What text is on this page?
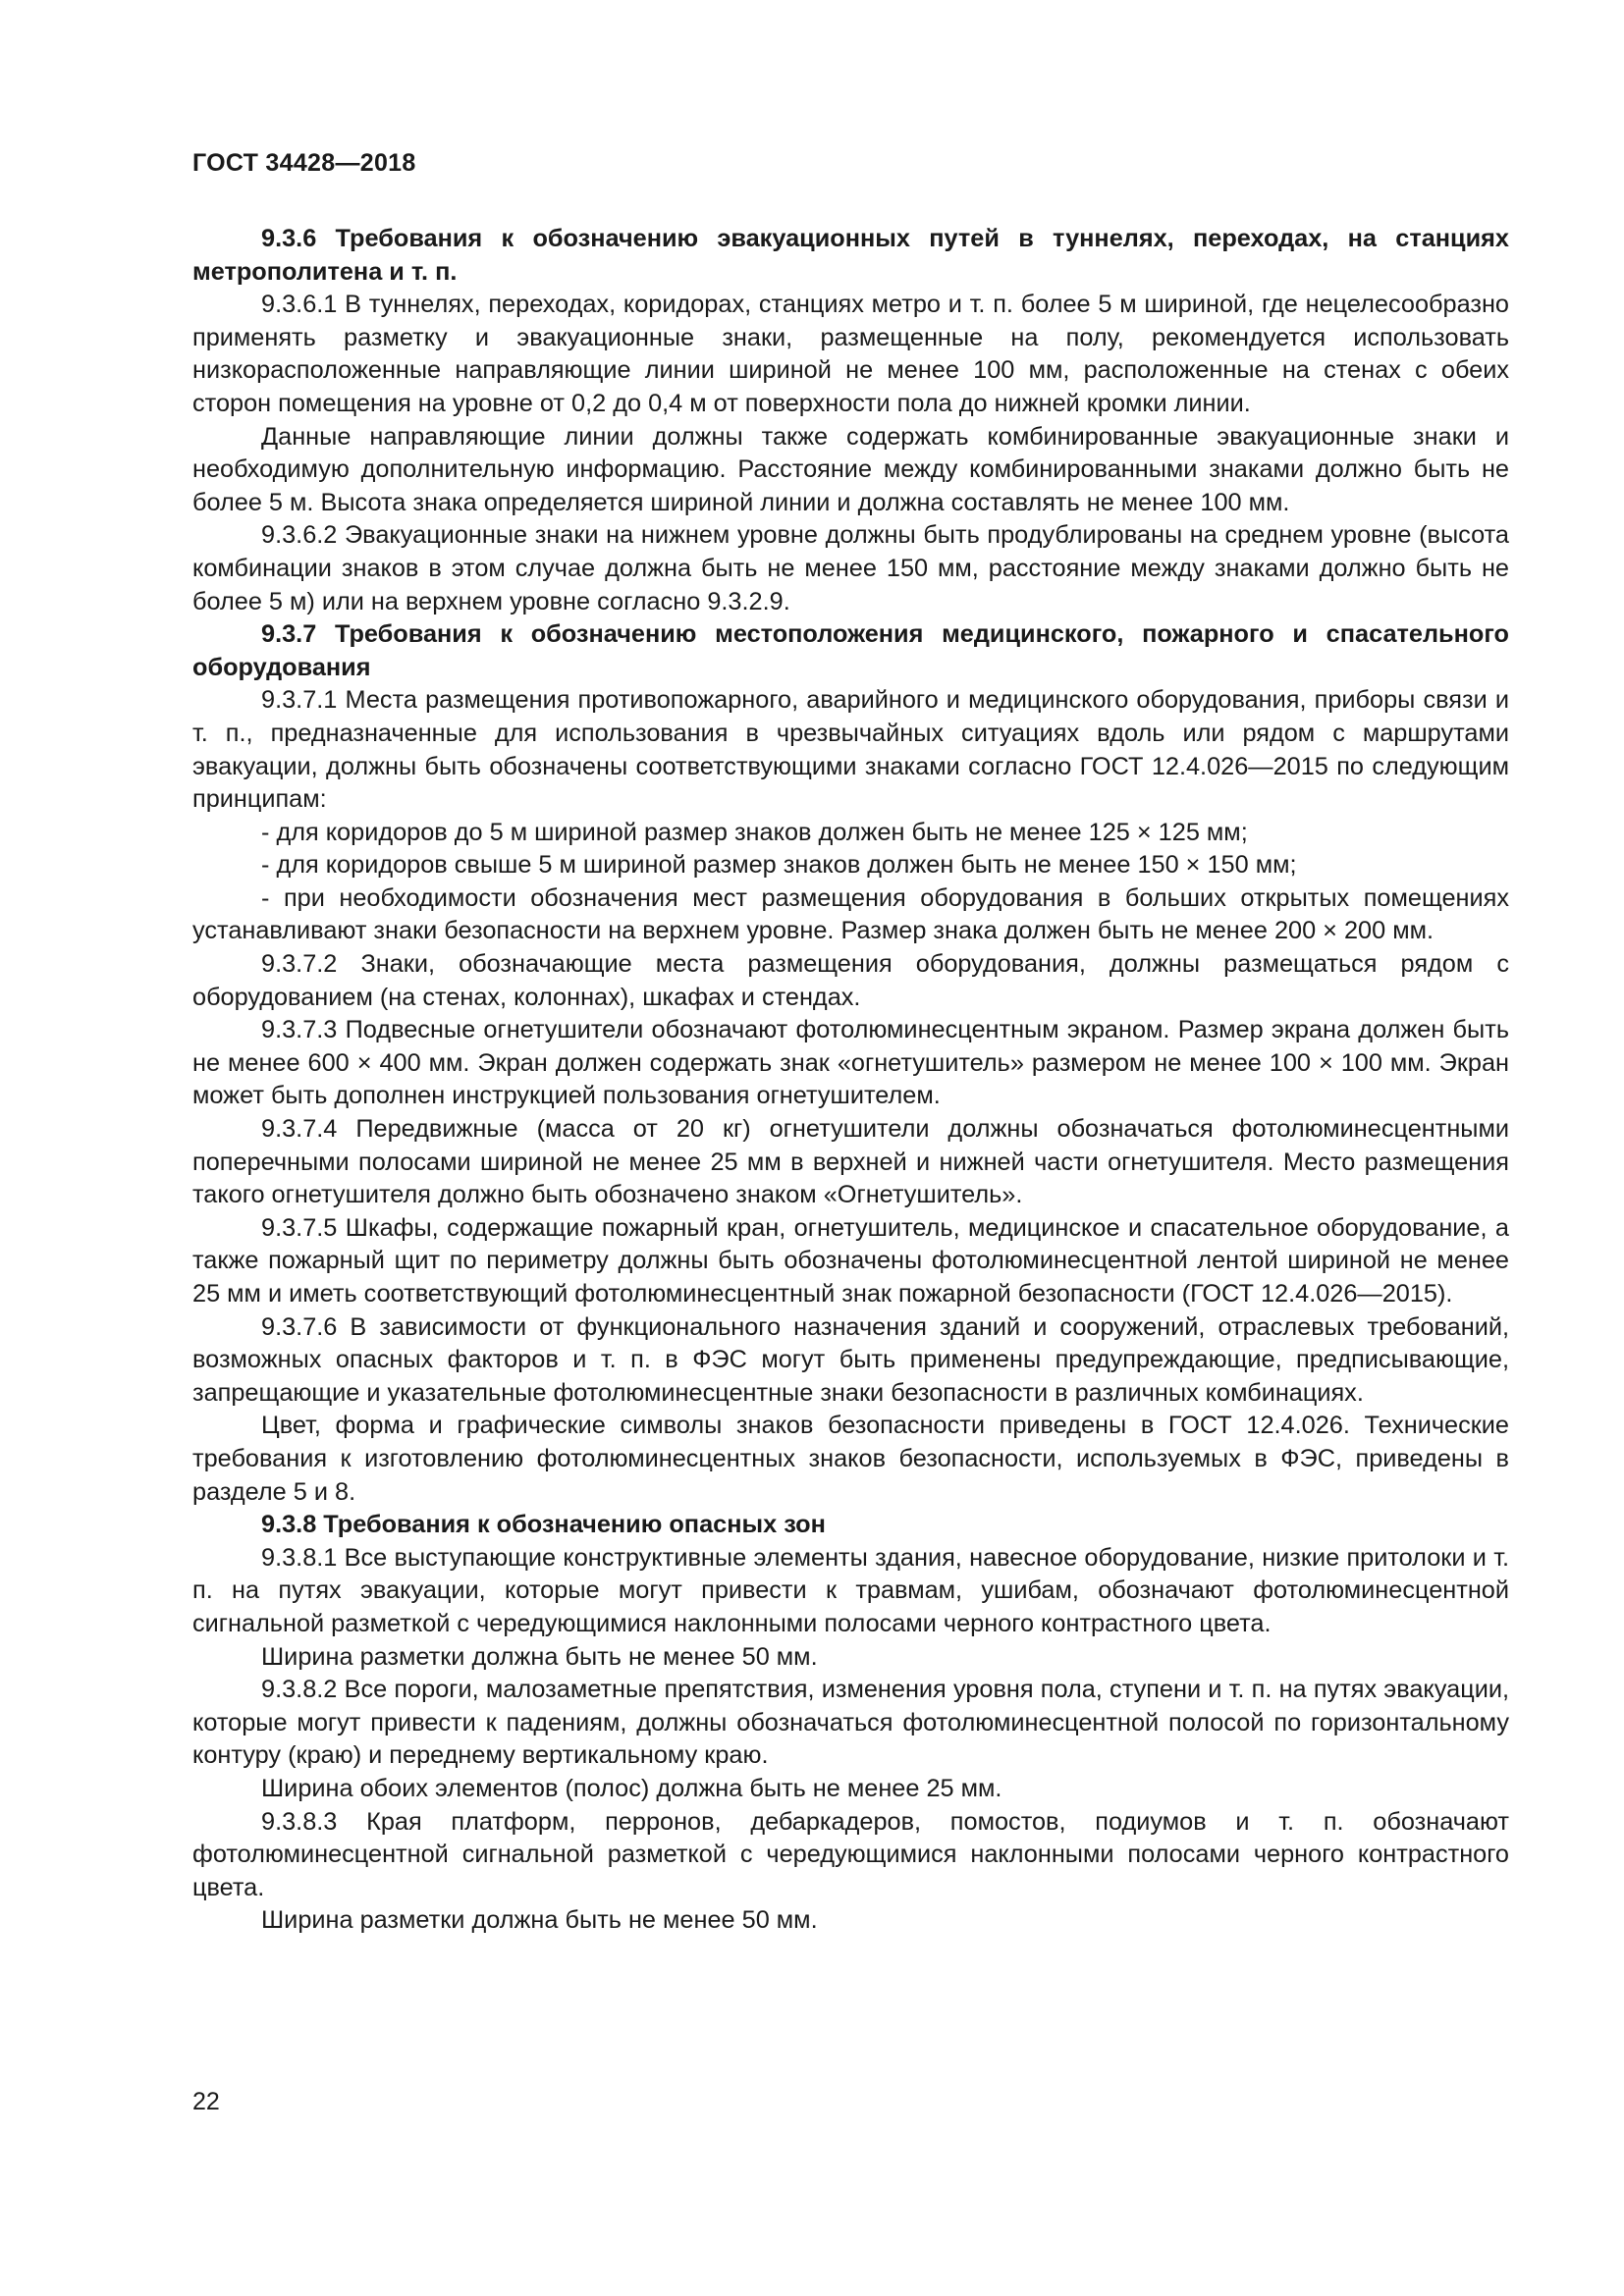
ГОСТ 34428—2018

9.3.6 Требования к обозначению эвакуационных путей в туннелях, переходах, на станциях метрополитена и т. п.

9.3.6.1 В туннелях, переходах, коридорах, станциях метро и т. п. более 5 м шириной, где нецелесообразно применять разметку и эвакуационные знаки, размещенные на полу, рекомендуется использовать низкорасположенные направляющие линии шириной не менее 100 мм, расположенные на стенах с обеих сторон помещения на уровне от 0,2 до 0,4 м от поверхности пола до нижней кромки линии.

Данные направляющие линии должны также содержать комбинированные эвакуационные знаки и необходимую дополнительную информацию. Расстояние между комбинированными знаками должно быть не более 5 м. Высота знака определяется шириной линии и должна составлять не менее 100 мм.

9.3.6.2 Эвакуационные знаки на нижнем уровне должны быть продублированы на среднем уровне (высота комбинации знаков в этом случае должна быть не менее 150 мм, расстояние между знаками должно быть не более 5 м) или на верхнем уровне согласно 9.3.2.9.

9.3.7 Требования к обозначению местоположения медицинского, пожарного и спасательного оборудования

9.3.7.1 Места размещения противопожарного, аварийного и медицинского оборудования, приборы связи и т. п., предназначенные для использования в чрезвычайных ситуациях вдоль или рядом с маршрутами эвакуации, должны быть обозначены соответствующими знаками согласно ГОСТ 12.4.026—2015 по следующим принципам:

- для коридоров до 5 м шириной размер знаков должен быть не менее 125 × 125 мм;

- для коридоров свыше 5 м шириной размер знаков должен быть не менее 150 × 150 мм;

- при необходимости обозначения мест размещения оборудования в больших открытых помещениях устанавливают знаки безопасности на верхнем уровне. Размер знака должен быть не менее 200 × 200 мм.

9.3.7.2 Знаки, обозначающие места размещения оборудования, должны размещаться рядом с оборудованием (на стенах, колоннах), шкафах и стендах.

9.3.7.3 Подвесные огнетушители обозначают фотолюминесцентным экраном. Размер экрана должен быть не менее 600 × 400 мм. Экран должен содержать знак «огнетушитель» размером не менее 100 × 100 мм. Экран может быть дополнен инструкцией пользования огнетушителем.

9.3.7.4 Передвижные (масса от 20 кг) огнетушители должны обозначаться фотолюминесцентными поперечными полосами шириной не менее 25 мм в верхней и нижней части огнетушителя. Место размещения такого огнетушителя должно быть обозначено знаком «Огнетушитель».

9.3.7.5 Шкафы, содержащие пожарный кран, огнетушитель, медицинское и спасательное оборудование, а также пожарный щит по периметру должны быть обозначены фотолюминесцентной лентой шириной не менее 25 мм и иметь соответствующий фотолюминесцентный знак пожарной безопасности (ГОСТ 12.4.026—2015).

9.3.7.6 В зависимости от функционального назначения зданий и сооружений, отраслевых требований, возможных опасных факторов и т. п. в ФЭС могут быть применены предупреждающие, предписывающие, запрещающие и указательные фотолюминесцентные знаки безопасности в различных комбинациях.

Цвет, форма и графические символы знаков безопасности приведены в ГОСТ 12.4.026. Технические требования к изготовлению фотолюминесцентных знаков безопасности, используемых в ФЭС, приведены в разделе 5 и 8.

9.3.8 Требования к обозначению опасных зон

9.3.8.1 Все выступающие конструктивные элементы здания, навесное оборудование, низкие притолоки и т. п. на путях эвакуации, которые могут привести к травмам, ушибам, обозначают фотолюминесцентной сигнальной разметкой с чередующимися наклонными полосами черного контрастного цвета.

Ширина разметки должна быть не менее 50 мм.

9.3.8.2 Все пороги, малозаметные препятствия, изменения уровня пола, ступени и т. п. на путях эвакуации, которые могут привести к падениям, должны обозначаться фотолюминесцентной полосой по горизонтальному контуру (краю) и переднему вертикальному краю.

Ширина обоих элементов (полос) должна быть не менее 25 мм.

9.3.8.3 Края платформ, перронов, дебаркадеров, помостов, подиумов и т. п. обозначают фотолюминесцентной сигнальной разметкой с чередующимися наклонными полосами черного контрастного цвета.

Ширина разметки должна быть не менее 50 мм.

22
